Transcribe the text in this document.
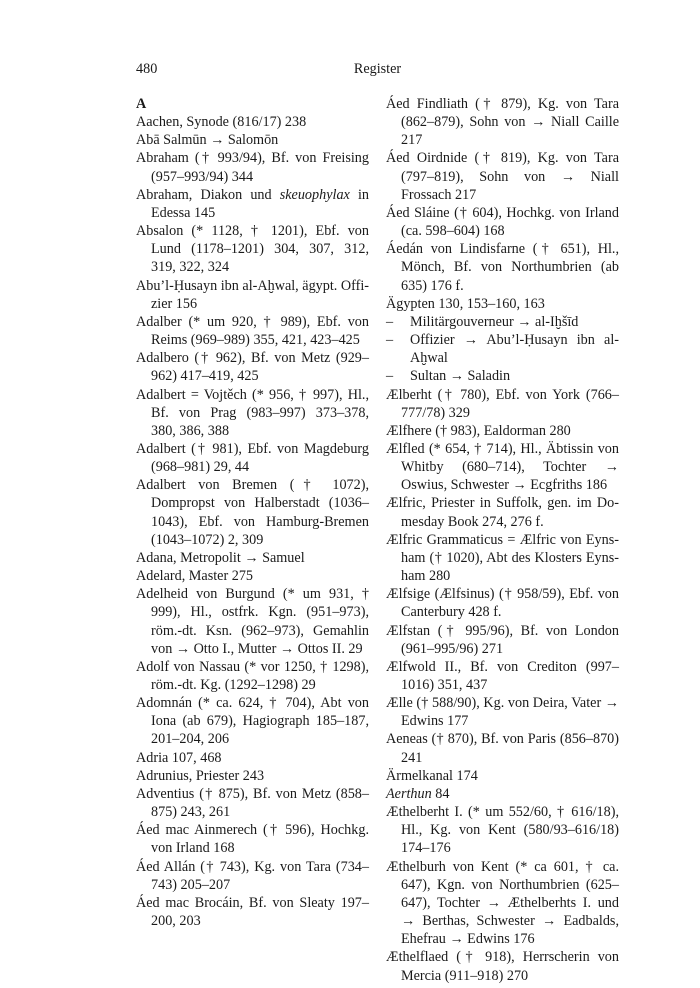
480	Register
A
Aachen, Synode (816/17) 238
Abā Salmūn → Salomōn
Abraham († 993/94), Bf. von Freising (957–993/94) 344
Abraham, Diakon und skeuophylax in Edessa 145
Absalon (* 1128, † 1201), Ebf. von Lund (1178–1201) 304, 307, 312, 319, 322, 324
Abu’l-Ḥusayn ibn al-Aḫwal, ägypt. Offizier 156
Adalber (* um 920, † 989), Ebf. von Reims (969–989) 355, 421, 423–425
Adalbero († 962), Bf. von Metz (929–962) 417–419, 425
Adalbert = Vojtěch (* 956, † 997), Hl., Bf. von Prag (983–997) 373–378, 380, 386, 388
Adalbert († 981), Ebf. von Magdeburg (968–981) 29, 44
Adalbert von Bremen († 1072), Dompropst von Halberstadt (1036–1043), Ebf. von Hamburg-Bremen (1043–1072) 2, 309
Adana, Metropolit → Samuel
Adelard, Master 275
Adelheid von Burgund (* um 931, † 999), Hl., ostfrk. Kgn. (951–973), röm.-dt. Ksn. (962–973), Gemahlin von → Otto I., Mutter → Ottos II. 29
Adolf von Nassau (* vor 1250, † 1298), röm.-dt. Kg. (1292–1298) 29
Adomnán (* ca. 624, † 704), Abt von Iona (ab 679), Hagiograph 185–187, 201–204, 206
Adria 107, 468
Adrunius, Priester 243
Adventius († 875), Bf. von Metz (858–875) 243, 261
Áed mac Ainmerech († 596), Hochkg. von Irland 168
Áed Allán († 743), Kg. von Tara (734–743) 205–207
Áed mac Brocáin, Bf. von Sleaty 197–200, 203
Áed Findliath († 879), Kg. von Tara (862–879), Sohn von → Niall Caille 217
Áed Oirdnide († 819), Kg. von Tara (797–819), Sohn von → Niall Frossach 217
Áed Sláine († 604), Hochkg. von Irland (ca. 598–604) 168
Áedán von Lindisfarne († 651), Hl., Mönch, Bf. von Northumbrien (ab 635) 176 f.
Ägypten 130, 153–160, 163
– Militärgouverneur → al-Iḫšīd
– Offizier → Abu’l-Ḥusayn ibn al-Aḫwal
– Sultan → Saladin
Ælberht († 780), Ebf. von York (766–777/78) 329
Ælfhere († 983), Ealdorman 280
Ælfled (* 654, † 714), Hl., Äbtissin von Whitby (680–714), Tochter → Oswius, Schwester → Ecgfriths 186
Ælfric, Priester in Suffolk, gen. im Domesday Book 274, 276 f.
Ælfric Grammaticus = Ælfric von Eynsham († 1020), Abt des Klosters Eynsham 280
Ælfsige (Ælfsinus) († 958/59), Ebf. von Canterbury 428 f.
Ælfstan († 995/96), Bf. von London (961–995/96) 271
Ælfwold II., Bf. von Crediton (997–1016) 351, 437
Ælle († 588/90), Kg. von Deira, Vater → Edwins 177
Aeneas († 870), Bf. von Paris (856–870) 241
Ärmelkanal 174
Aerthun 84
Æthelberht I. (* um 552/60, † 616/18), Hl., Kg. von Kent (580/93–616/18) 174–176
Æthelburh von Kent (* ca 601, † ca. 647), Kgn. von Northumbrien (625–647), Tochter → Æthelberhts I. und → Berthas, Schwester → Eadbalds, Ehefrau → Edwins 176
Æthelflaed († 918), Herrscherin von Mercia (911–918) 270
